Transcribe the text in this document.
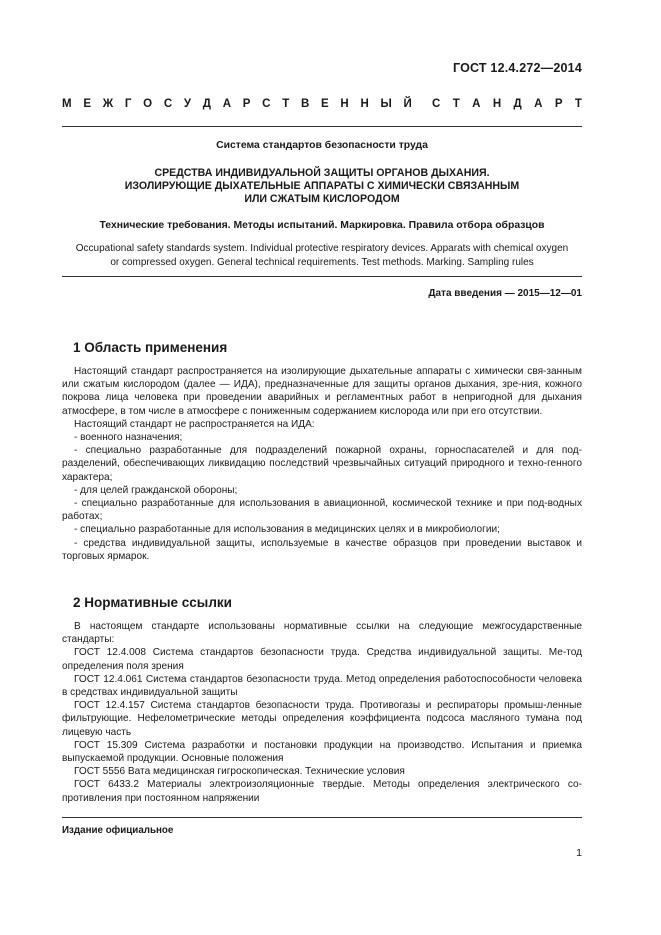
ГОСТ 12.4.272—2014
М Е Ж Г О С У Д А Р С Т В Е Н Н Ы Й С Т А Н Д А Р Т
Система стандартов безопасности труда
СРЕДСТВА ИНДИВИДУАЛЬНОЙ ЗАЩИТЫ ОРГАНОВ ДЫХАНИЯ.
ИЗОЛИРУЮЩИЕ ДЫХАТЕЛЬНЫЕ АППАРАТЫ С ХИМИЧЕСКИ СВЯЗАННЫМ
ИЛИ СЖАТЫМ КИСЛОРОДОМ
Технические требования. Методы испытаний. Маркировка. Правила отбора образцов
Occupational safety standards system. Individual protective respiratory devices. Apparats with chemical oxygen
or compressed oxygen. General technical requirements. Test methods. Marking. Sampling rules
Дата введения — 2015—12—01
1 Область применения

Настоящий стандарт распространяется на изолирующие дыхательные аппараты с химически свя-занным или сжатым кислородом (далее — ИДА), предназначенные для защиты органов дыхания, зре-ния, кожного покрова лица человека при проведении аварийных и регламентных работ в непригодной для дыхания атмосфере, в том числе в атмосфере с пониженным содержанием кислорода или при его отсутствии.

Настоящий стандарт не распространяется на ИДА:

- военного назначения;

- специально разработанные для подразделений пожарной охраны, горноспасателей и для под-разделений, обеспечивающих ликвидацию последствий чрезвычайных ситуаций природного и техно-генного характера;

- для целей гражданской обороны;

- специально разработанные для использования в авиационной, космической технике и при под-водных работах;

- специально разработанные для использования в медицинских целях и в микробиологии;

- средства индивидуальной защиты, используемые в качестве образцов при проведении выставок и торговых ярмарок.

2 Нормативные ссылки

В настоящем стандарте использованы нормативные ссылки на следующие межгосударственные стандарты:

ГОСТ 12.4.008 Система стандартов безопасности труда. Средства индивидуальной защиты. Ме-тод определения поля зрения

ГОСТ 12.4.061 Система стандартов безопасности труда. Метод определения работоспособности человека в средствах индивидуальной защиты

ГОСТ 12.4.157 Система стандартов безопасности труда. Противогазы и респираторы промыш-ленные фильтрующие. Нефелометрические методы определения коэффициента подсоса масляного тумана под лицевую часть

ГОСТ 15.309 Система разработки и постановки продукции на производство. Испытания и приемка выпускаемой продукции. Основные положения

ГОСТ 5556 Вата медицинская гигроскопическая. Технические условия

ГОСТ 6433.2 Материалы электроизоляционные твердые. Методы определения электрического со-противления при постоянном напряжении

Издание официальное
1
